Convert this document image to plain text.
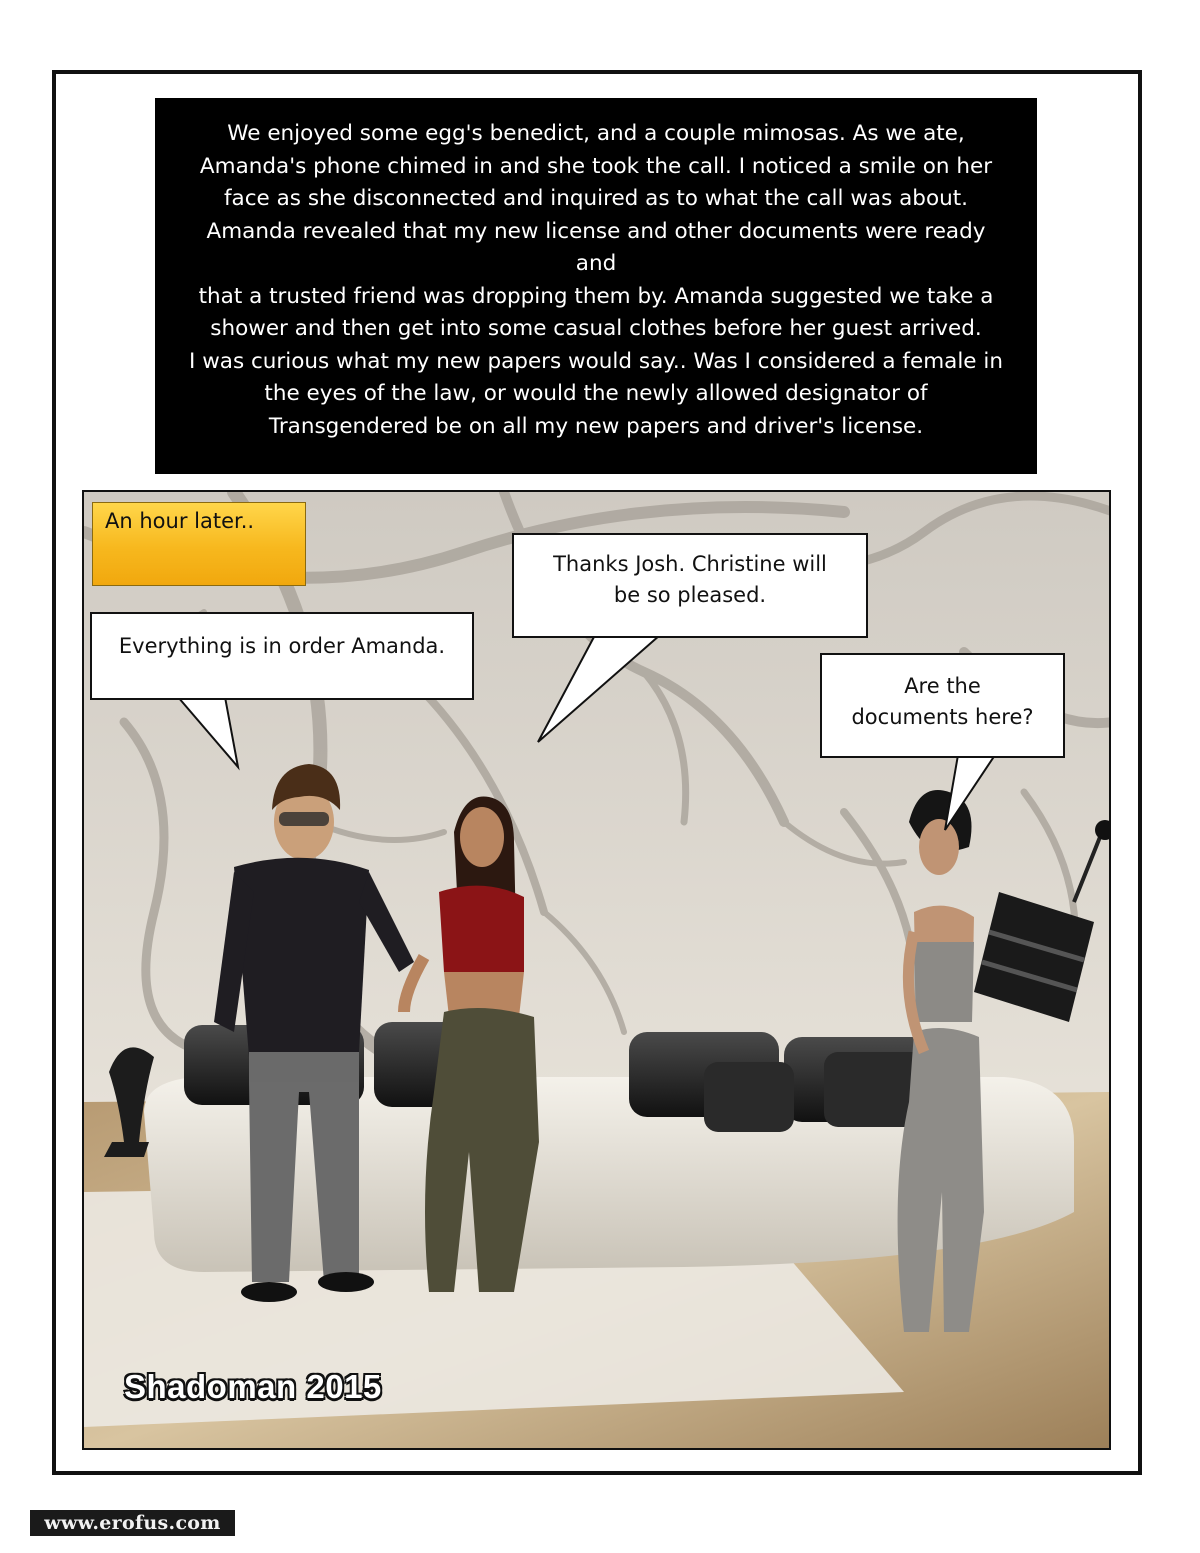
We enjoyed some egg's benedict, and a couple mimosas. As we ate,

Amanda's phone chimed in and she took the call. I noticed a smile on her

face as she disconnected and inquired as to what the call was about.

Amanda revealed that my new license and other documents were ready and

that a trusted friend was dropping them by. Amanda suggested we take a

shower and then get into some casual clothes before her guest arrived.

I was curious what my new papers would say.. Was I considered a female in

the eyes of the law, or would the newly allowed designator of

Transgendered be on all my new papers and driver's license.

An hour later..
Everything is in order Amanda.
Thanks Josh. Christine will
be so pleased.
Are the
documents here?
Shadoman 2015
www.erofus.com
